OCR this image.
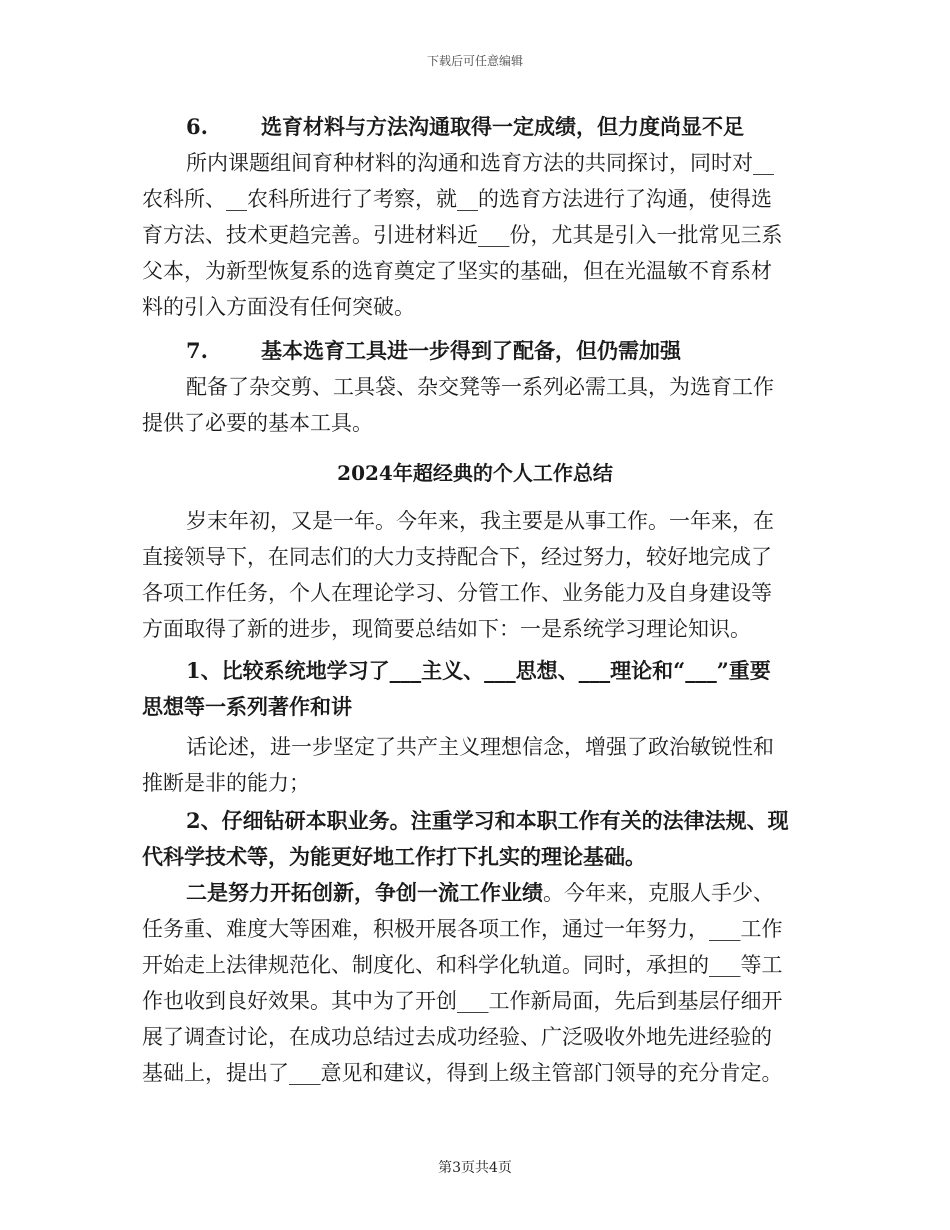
下载后可任意编辑
6.	选育材料与方法沟通取得一定成绩，但力度尚显不足
所内课题组间育种材料的沟通和选育方法的共同探讨，同时对__
农科所、__农科所进行了考察，就__的选育方法进行了沟通，使得选
育方法、技术更趋完善。引进材料近___份，尤其是引入一批常见三系
父本，为新型恢复系的选育奠定了坚实的基础，但在光温敏不育系材
料的引入方面没有任何突破。
7.	基本选育工具进一步得到了配备，但仍需加强
配备了杂交剪、工具袋、杂交凳等一系列必需工具，为选育工作
提供了必要的基本工具。
2024年超经典的个人工作总结
岁末年初，又是一年。今年来，我主要是从事工作。一年来，在
直接领导下，在同志们的大力支持配合下，经过努力，较好地完成了
各项工作任务，个人在理论学习、分管工作、业务能力及自身建设等
方面取得了新的进步，现简要总结如下：一是系统学习理论知识。
1、比较系统地学习了___主义、___思想、___理论和“___”重要
思想等一系列著作和讲
话论述，进一步坚定了共产主义理想信念，增强了政治敏锐性和
推断是非的能力；
2、仔细钻研本职业务。注重学习和本职工作有关的法律法规、现
代科学技术等，为能更好地工作打下扎实的理论基础。
二是努力开拓创新，争创一流工作业绩。今年来，克服人手少、
任务重、难度大等困难，积极开展各项工作，通过一年努力，___工作
开始走上法律规范化、制度化、和科学化轨道。同时，承担的___等工
作也收到良好效果。其中为了开创___工作新局面，先后到基层仔细开
展了调查讨论，在成功总结过去成功经验、广泛吸收外地先进经验的
基础上，提出了___意见和建议，得到上级主管部门领导的充分肯定。
第3页共4页
